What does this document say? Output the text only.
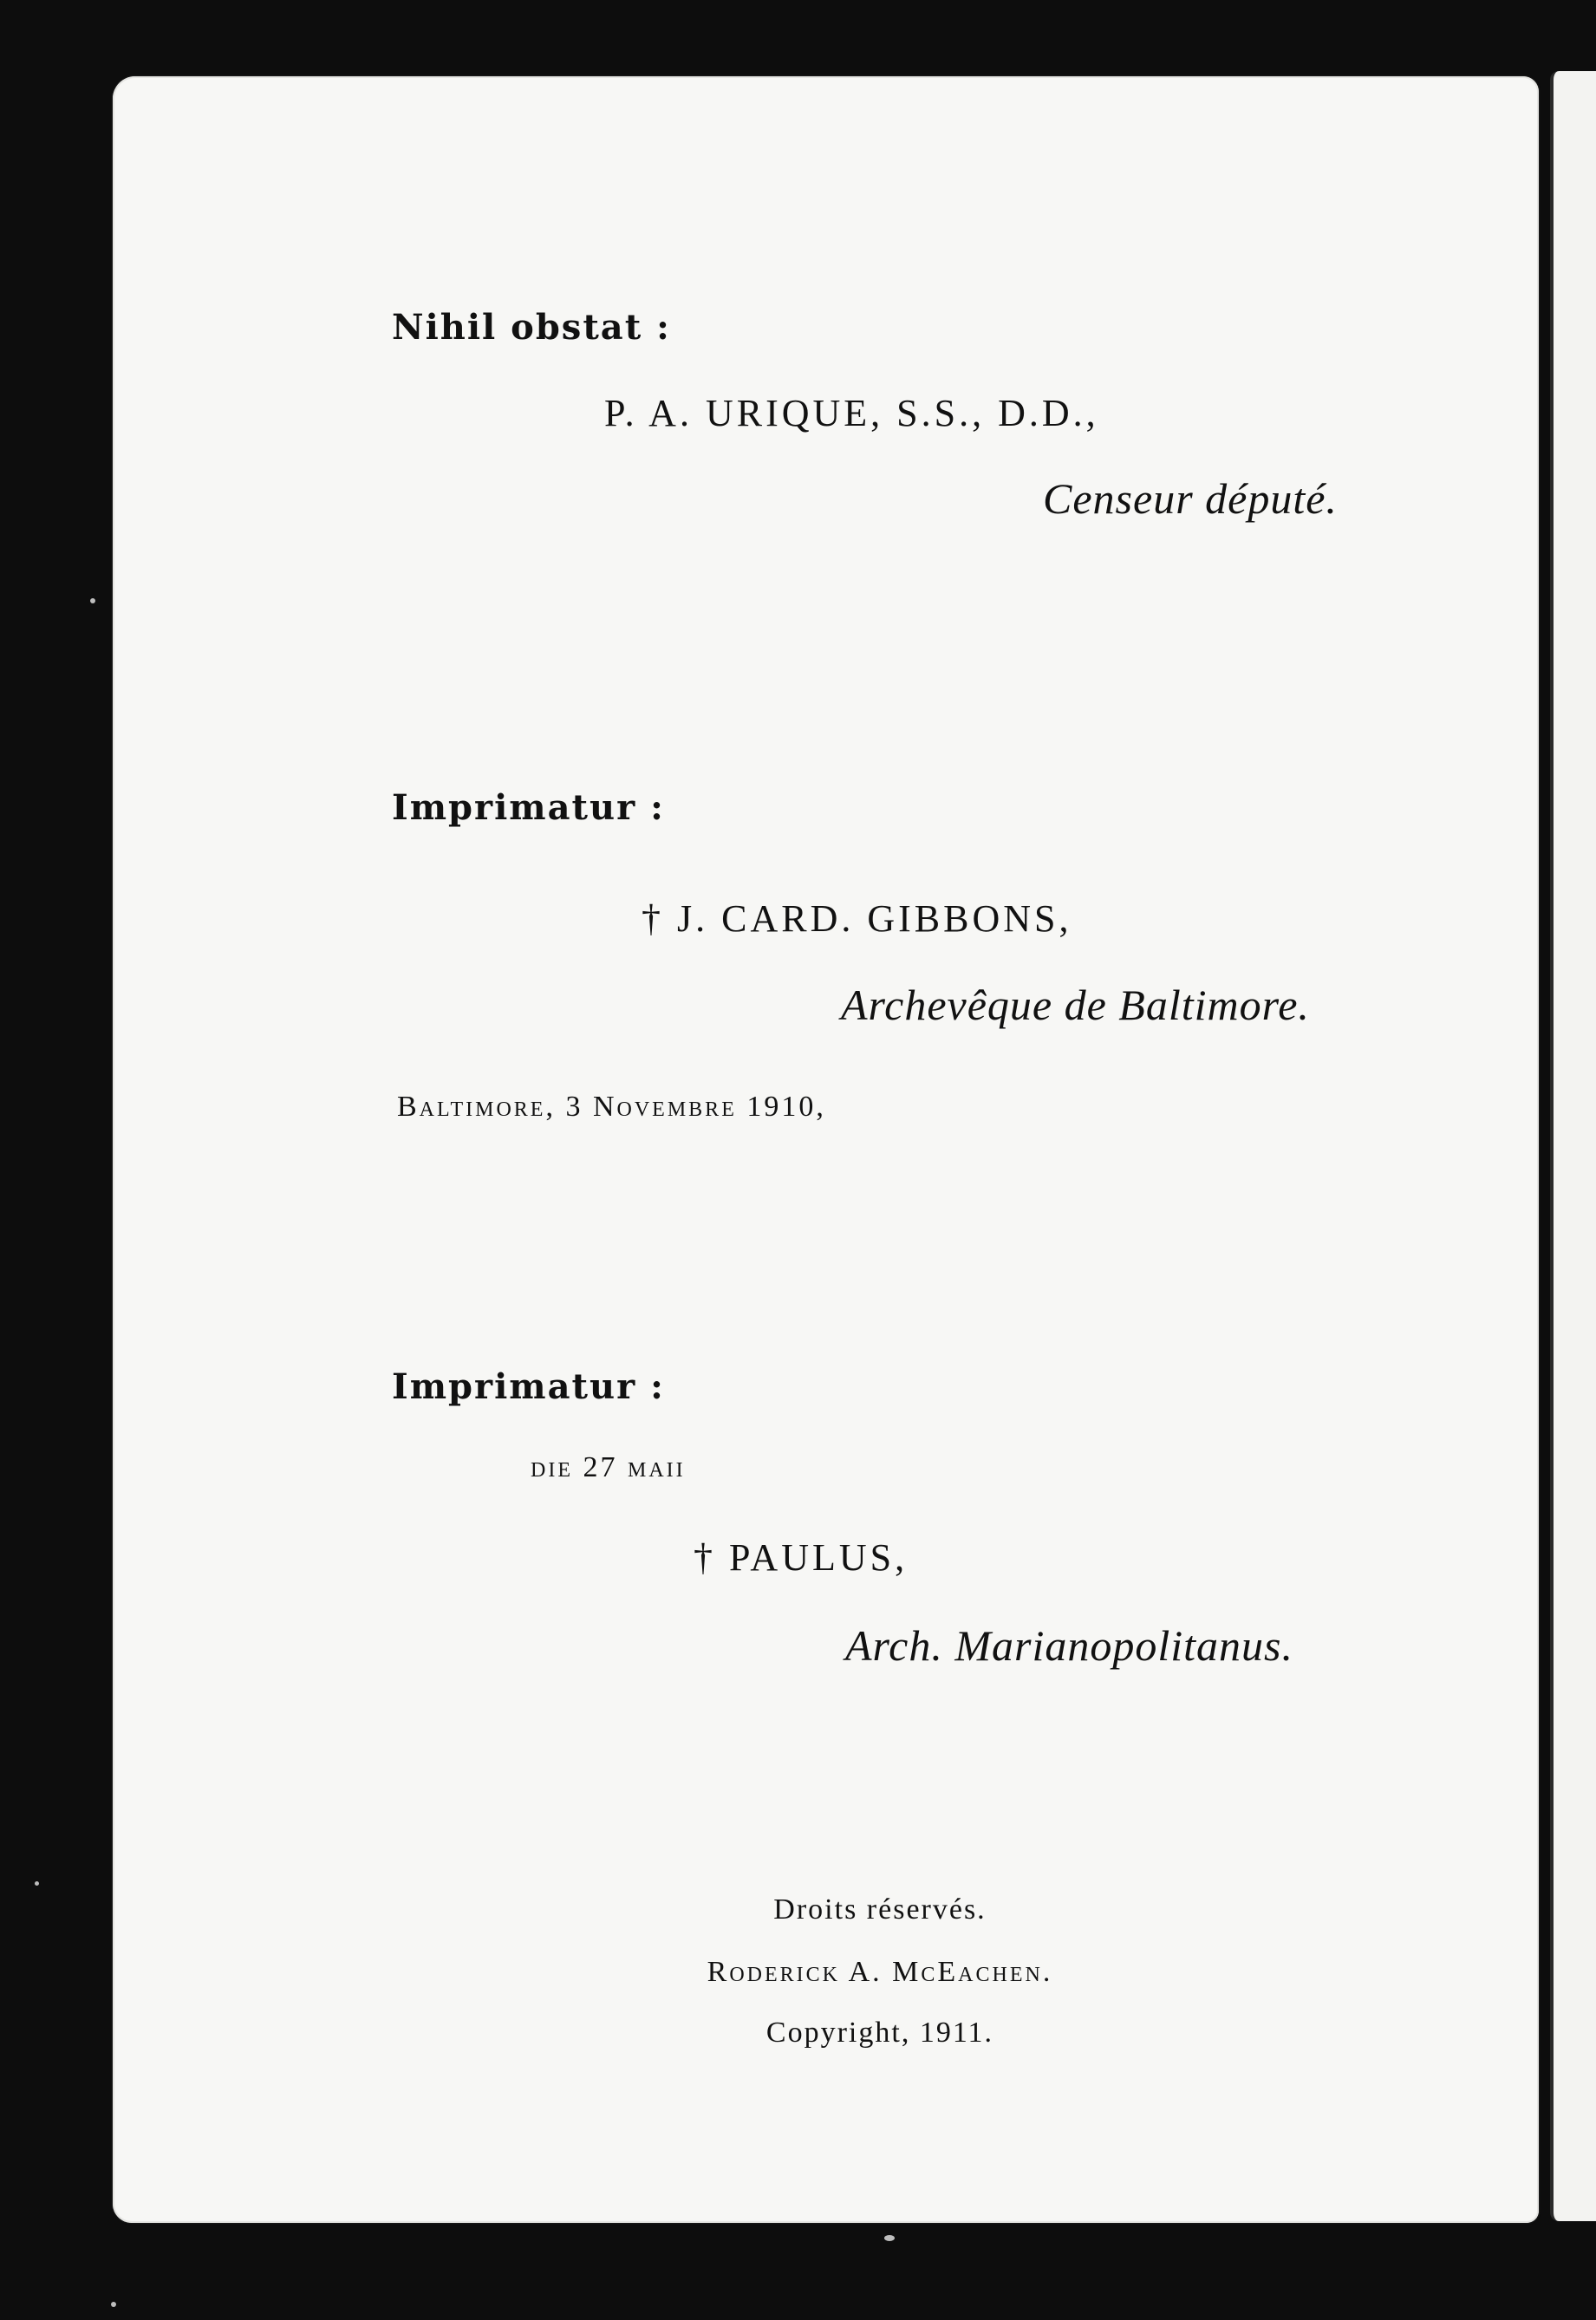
Nihil obstat :
P. A. URIQUE, S.S., D.D.,
Censeur député.
Imprimatur :
† J. CARD. GIBBONS,
Archevêque de Baltimore.
Baltimore, 3 Novembre 1910,
Imprimatur :
die 27 maii
† PAULUS,
Arch. Marianopolitanus.
Droits réservés.
Roderick A. McEachen.
Copyright, 1911.
